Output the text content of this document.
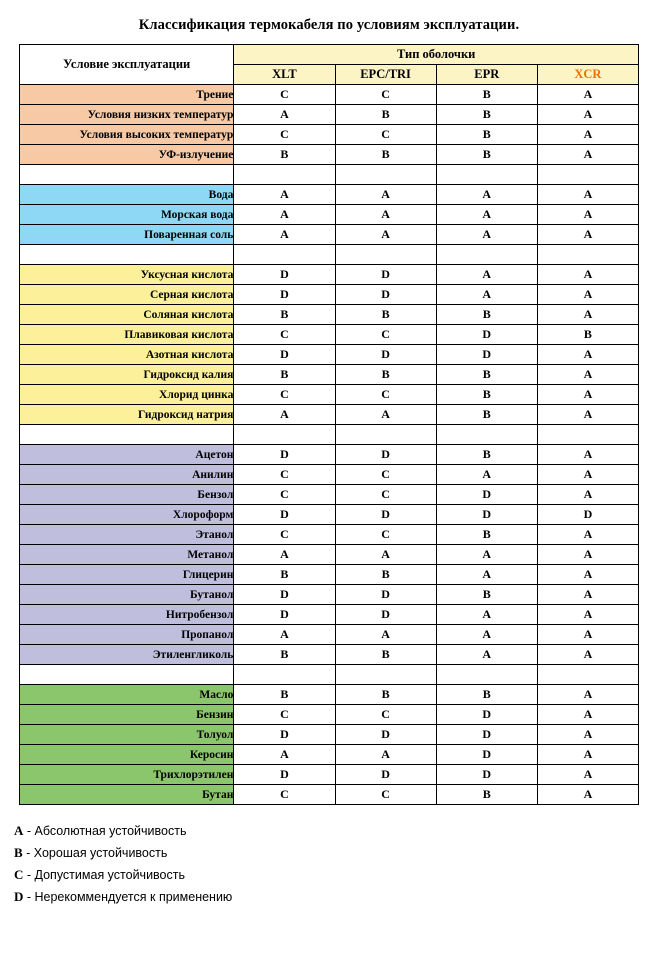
Классификация термокабеля по условиям эксплуатации.
Условие эксплуатации	Тип оболочки			
	XLT	EPC/TRI	EPR	XCR
Трение	C	C	B	A
Условия низких температур	A	B	B	A
Условия высоких температур	C	C	B	A
УФ-излучение	B	B	B	A

Вода	A	A	A	A
Морская вода	A	A	A	A
Поваренная соль	A	A	A	A

Уксусная кислота	D	D	A	A
Серная кислота	D	D	A	A
Соляная кислота	B	B	B	A
Плавиковая кислота	C	C	D	B
Азотная кислота	D	D	D	A
Гидроксид калия	B	B	B	A
Хлорид цинка	C	C	B	A
Гидроксид натрия	A	A	B	A

Ацетон	D	D	B	A
Анилин	C	C	A	A
Бензол	C	C	D	A
Хлороформ	D	D	D	D
Этанол	C	C	B	A
Метанол	A	A	A	A
Глицерин	B	B	A	A
Бутанол	D	D	B	A
Нитробензол	D	D	A	A
Пропанол	A	A	A	A
Этиленгликоль	B	B	A	A

Масло	B	B	B	A
Бензин	C	C	D	A
Толуол	D	D	D	A
Керосин	A	A	D	A
Трихлорэтилен	D	D	D	A
Бутан	C	C	B	A
A - Абсолютная устойчивость
B - Хорошая устойчивость
C - Допустимая устойчивость
D - Нерекоммендуется к применению
